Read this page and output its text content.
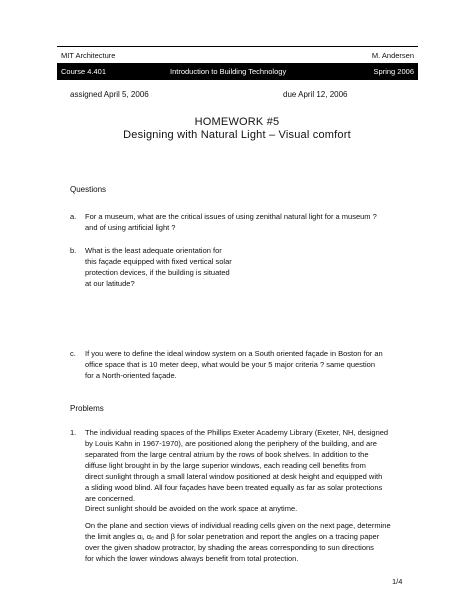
MIT Architecture	M. Andersen
Course 4.401	Introduction to Building Technology	Spring 2006
assigned April 5, 2006	due April 12, 2006
HOMEWORK #5
Designing with Natural Light – Visual comfort
Questions
a. For a museum, what are the critical issues of using zenithal natural light for a museum ?
and of using artificial light ?
b. What is the least adequate orientation for
this façade equipped with fixed vertical solar
protection devices, if the building is situated
at our latitude?
c. If you were to define the ideal window system on a South oriented façade in Boston for an
office space that is 10 meter deep, what would be your 5 major criteria ? same question
for a North-oriented façade.
Problems
1. The individual reading spaces of the Phillips Exeter Academy Library (Exeter, NH, designed
by Louis Kahn in 1967-1970), are positioned along the periphery of the building, and are
separated from the large central atrium by the rows of book shelves. In addition to the
diffuse light brought in by the large superior windows, each reading cell benefits from
direct sunlight through a small lateral window positioned at desk height and equipped with
a sliding wood blind. All four façades have been treated equally as far as solar protections
are concerned.
Direct sunlight should be avoided on the work space at anytime.
On the plane and section views of individual reading cells given on the next page, determine
the limit angles αᵢ, αₑ and β for solar penetration and report the angles on a tracing paper
over the given shadow protractor, by shading the areas corresponding to sun directions
for which the lower windows always benefit from total protection.
1/4
